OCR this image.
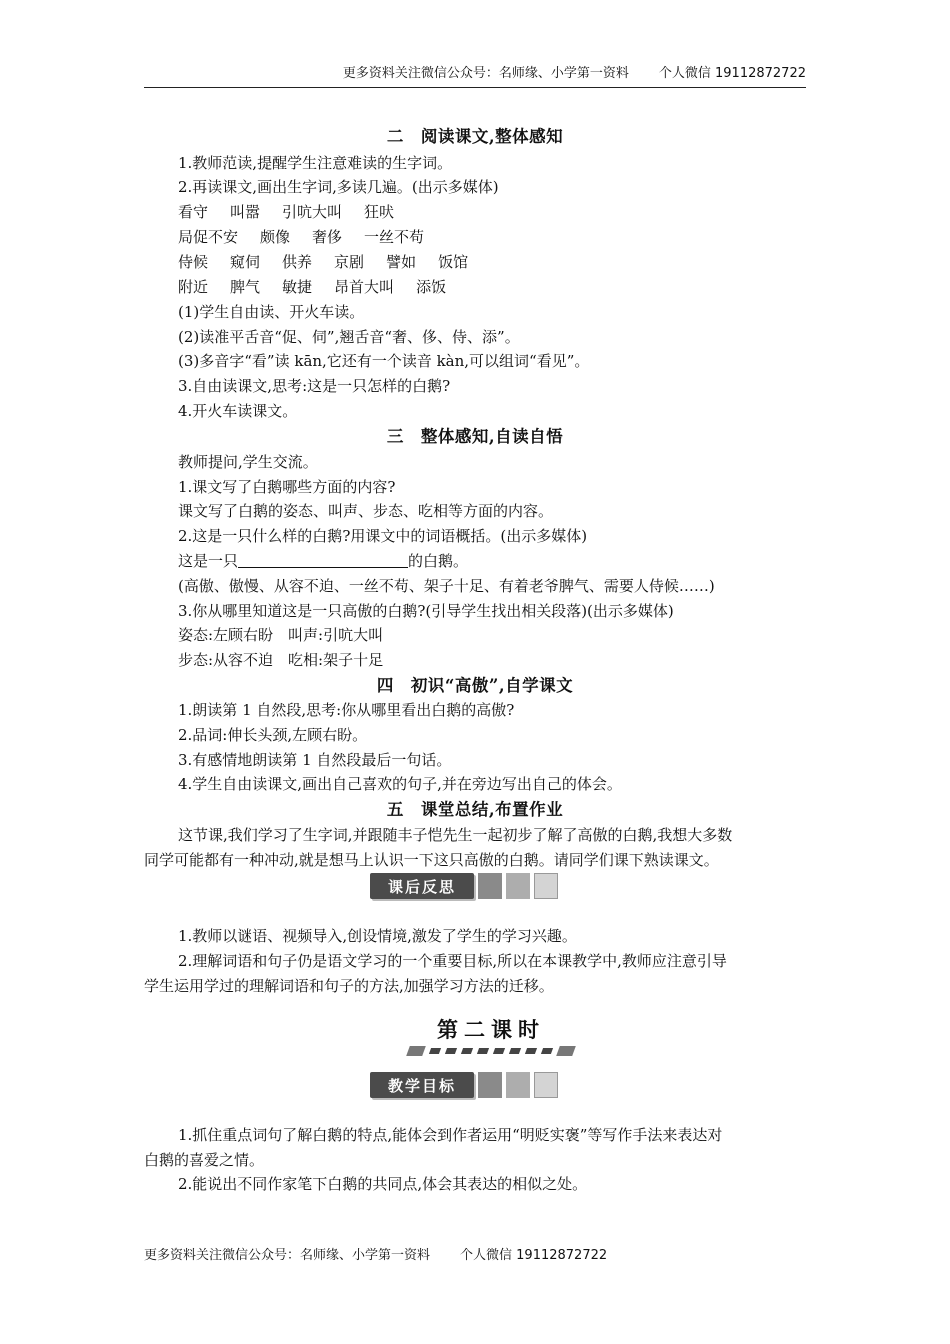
更多资料关注微信公众号：名师缘、小学第一资料 个人微信 19112872722
二　阅读课文,整体感知
1.教师范读,提醒学生注意难读的生字词。
2.再读课文,画出生字词,多读几遍。(出示多媒体)
看守 叫嚣 引吭大叫 狂吠
局促不安 颇像 奢侈 一丝不苟
侍候 窥伺 供养 京剧 譬如 饭馆
附近 脾气 敏捷 昂首大叫 添饭
(1)学生自由读、开火车读。
(2)读准平舌音“促、伺”,翘舌音“奢、侈、侍、添”。
(3)多音字“看”读 kān,它还有一个读音 kàn,可以组词“看见”。
3.自由读课文,思考:这是一只怎样的白鹅?
4.开火车读课文。
三　整体感知,自读自悟
教师提问,学生交流。
1.课文写了白鹅哪些方面的内容?
课文写了白鹅的姿态、叫声、步态、吃相等方面的内容。
2.这是一只什么样的白鹅?用课文中的词语概括。(出示多媒体)
这是一只	的白鹅。
(高傲、傲慢、从容不迫、一丝不苟、架子十足、有着老爷脾气、需要人侍候……)
3.你从哪里知道这是一只高傲的白鹅?(引导学生找出相关段落)(出示多媒体)
姿态:左顾右盼　叫声:引吭大叫
步态:从容不迫　吃相:架子十足
四　初识“高傲”,自学课文
1.朗读第 1 自然段,思考:你从哪里看出白鹅的高傲?
2.品词:伸长头颈,左顾右盼。
3.有感情地朗读第 1 自然段最后一句话。
4.学生自由读课文,画出自己喜欢的句子,并在旁边写出自己的体会。
五　课堂总结,布置作业
这节课,我们学习了生字词,并跟随丰子恺先生一起初步了解了高傲的白鹅,我想大多数
同学可能都有一种冲动,就是想马上认识一下这只高傲的白鹅。请同学们课下熟读课文。
课后反思
1.教师以谜语、视频导入,创设情境,激发了学生的学习兴趣。
2.理解词语和句子仍是语文学习的一个重要目标,所以在本课教学中,教师应注意引导
学生运用学过的理解词语和句子的方法,加强学习方法的迁移。
第二课时
教学目标
1.抓住重点词句了解白鹅的特点,能体会到作者运用“明贬实褒”等写作手法来表达对
白鹅的喜爱之情。
2.能说出不同作家笔下白鹅的共同点,体会其表达的相似之处。
更多资料关注微信公众号：名师缘、小学第一资料 个人微信 19112872722
